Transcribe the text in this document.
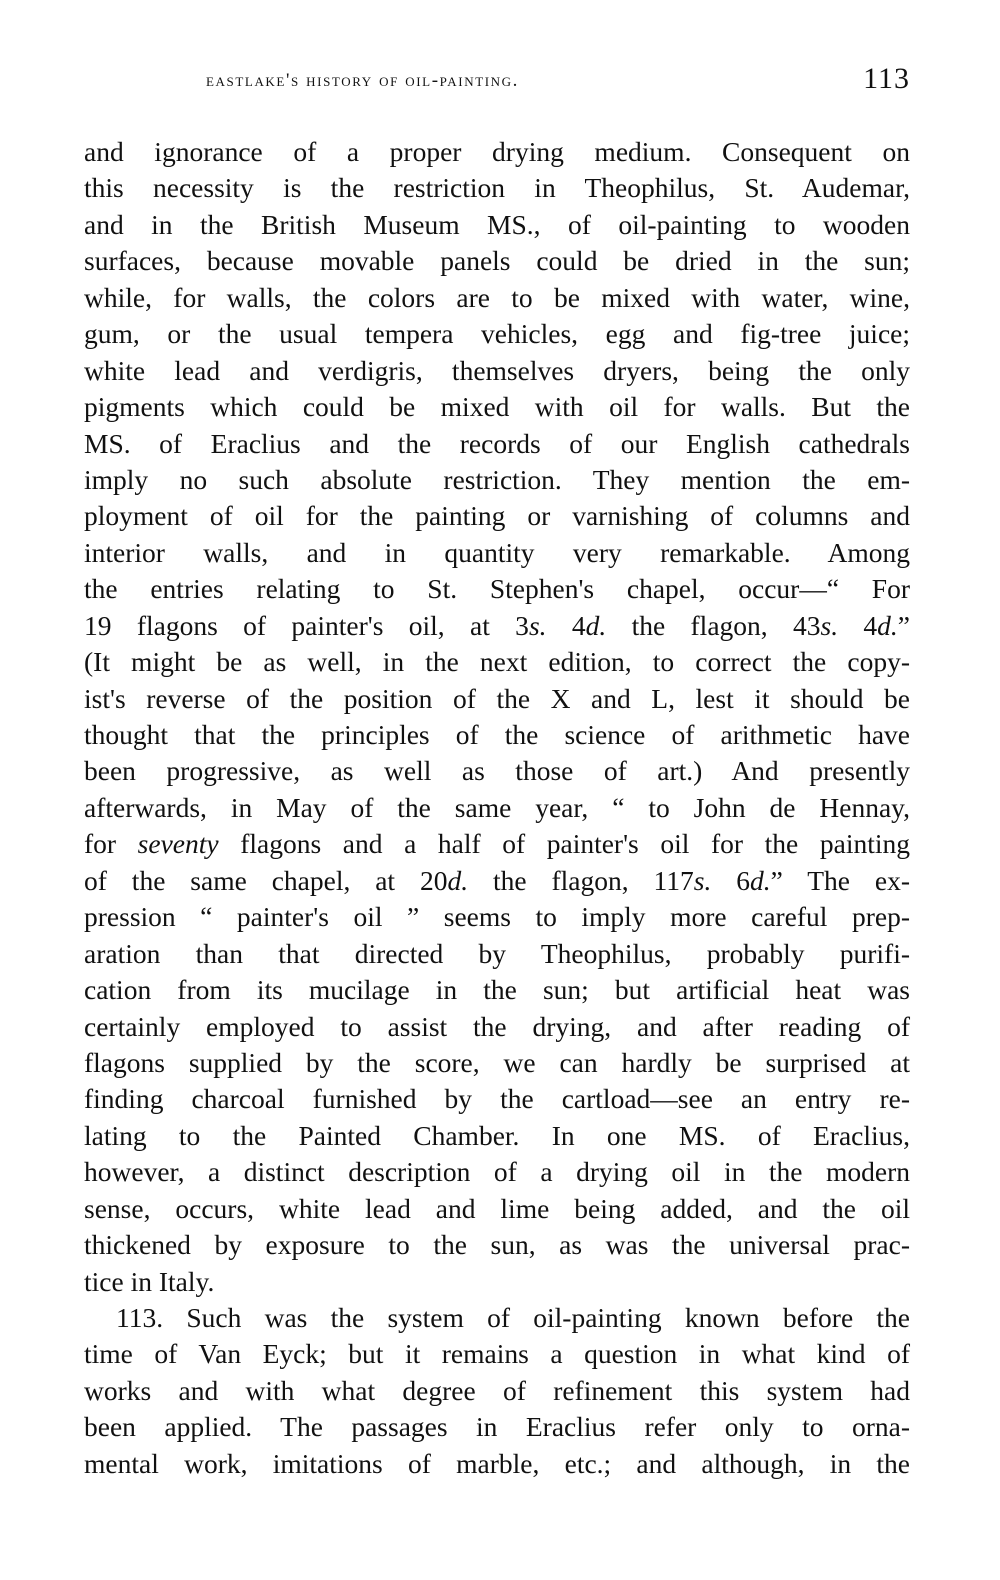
eastlake's history of oil-painting.	113
and ignorance of a proper drying medium. Consequent on
this necessity is the restriction in Theophilus, St. Audemar,
and in the British Museum MS., of oil-painting to wooden
surfaces, because movable panels could be dried in the sun;
while, for walls, the colors are to be mixed with water, wine,
gum, or the usual tempera vehicles, egg and fig-tree juice;
white lead and verdigris, themselves dryers, being the only
pigments which could be mixed with oil for walls. But the
MS. of Eraclius and the records of our English cathedrals
imply no such absolute restriction. They mention the em-
ployment of oil for the painting or varnishing of columns and
interior walls, and in quantity very remarkable. Among
the entries relating to St. Stephen's chapel, occur—“ For
19 flagons of painter's oil, at 3s. 4d. the flagon, 43s. 4d.”
(It might be as well, in the next edition, to correct the copy-
ist's reverse of the position of the X and L, lest it should be
thought that the principles of the science of arithmetic have
been progressive, as well as those of art.) And presently
afterwards, in May of the same year, “ to John de Hennay,
for seventy flagons and a half of painter's oil for the painting
of the same chapel, at 20d. the flagon, 117s. 6d.” The ex-
pression “ painter's oil ” seems to imply more careful prep-
aration than that directed by Theophilus, probably purifi-
cation from its mucilage in the sun; but artificial heat was
certainly employed to assist the drying, and after reading of
flagons supplied by the score, we can hardly be surprised at
finding charcoal furnished by the cartload—see an entry re-
lating to the Painted Chamber. In one MS. of Eraclius,
however, a distinct description of a drying oil in the modern
sense, occurs, white lead and lime being added, and the oil
thickened by exposure to the sun, as was the universal prac-
tice in Italy.
113. Such was the system of oil-painting known before the
time of Van Eyck; but it remains a question in what kind of
works and with what degree of refinement this system had
been applied. The passages in Eraclius refer only to orna-
mental work, imitations of marble, etc.; and although, in the
